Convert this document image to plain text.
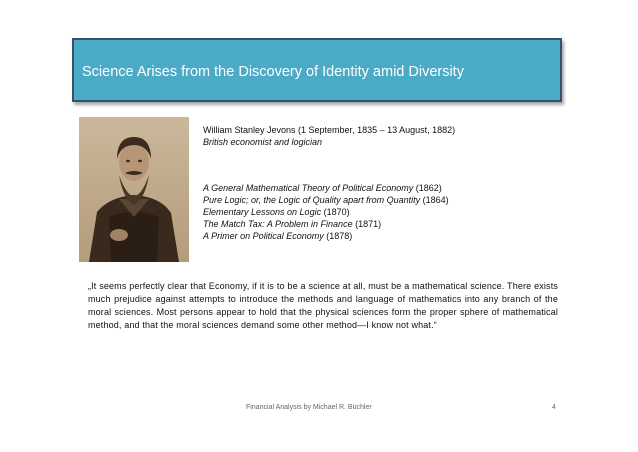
Science Arises from the Discovery of Identity amid Diversity
William Stanley Jevons (1 September, 1835 – 13 August, 1882)
British economist and logician
A General Mathematical Theory of Political Economy (1862)
Pure Logic; or, the Logic of Quality apart from Quantity (1864)
Elementary Lessons on Logic (1870)
The Match Tax: A Problem in Finance (1871)
A Primer on Political Economy (1878)
„It seems perfectly clear that Economy, if it is to be a science at all, must be a mathematical science. There exists much prejudice against attempts to introduce the methods and language of mathematics into any branch of the moral sciences. Most persons appear to hold that the physical sciences form the proper sphere of mathematical method, and that the moral sciences demand some other method—I know not what.“
Financial Analysis by Michael R. Büchler	4
